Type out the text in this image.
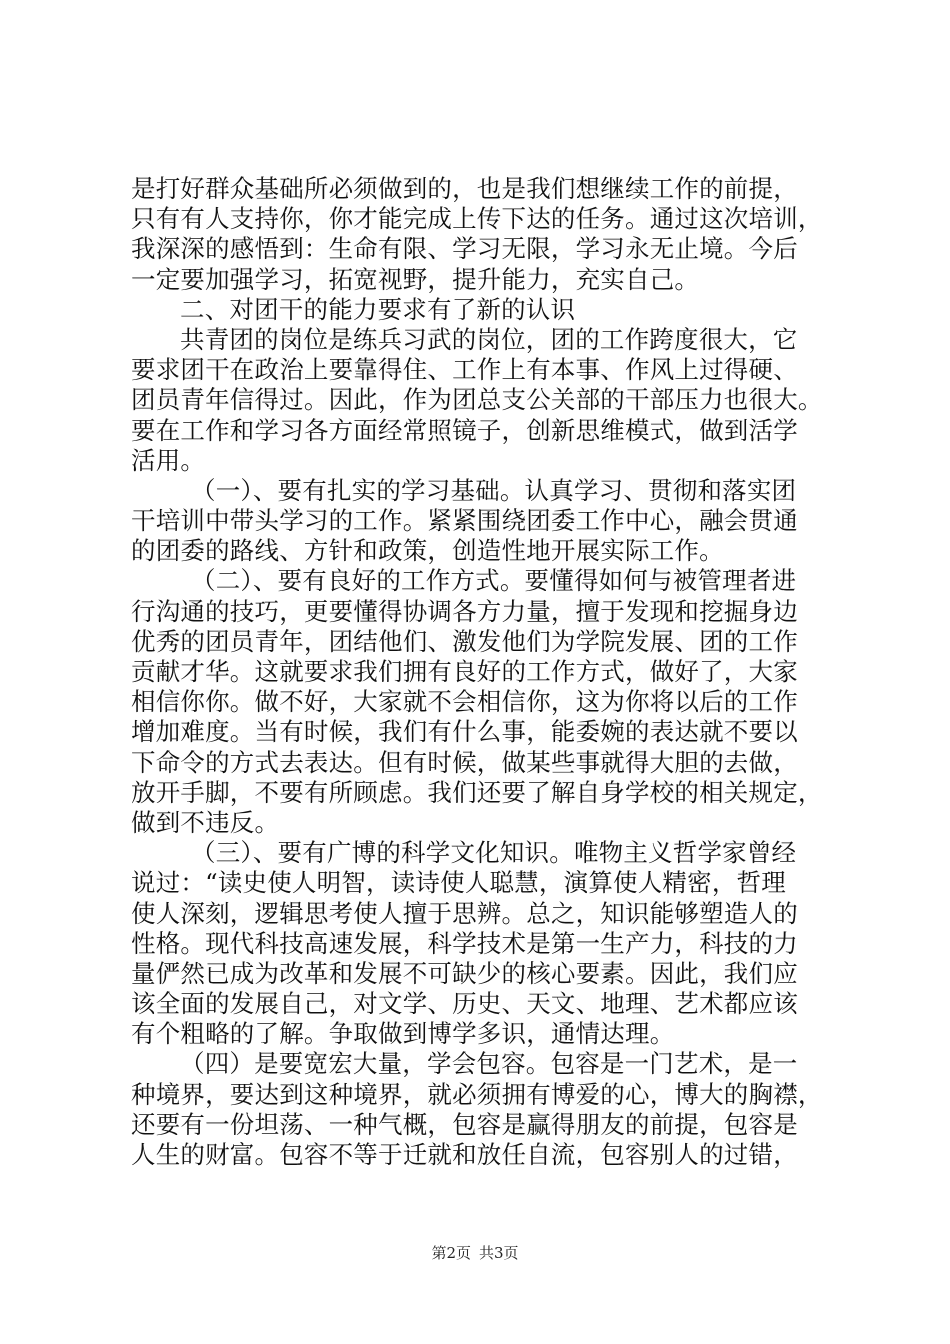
是打好群众基础所必须做到的，也是我们想继续工作的前提，
只有有人支持你，你才能完成上传下达的任务。通过这次培训，
我深深的感悟到：生命有限、学习无限，学习永无止境。今后
一定要加强学习，拓宽视野，提升能力，充实自己。
二、对团干的能力要求有了新的认识
共青团的岗位是练兵习武的岗位，团的工作跨度很大，它
要求团干在政治上要靠得住、工作上有本事、作风上过得硬、
团员青年信得过。因此，作为团总支公关部的干部压力也很大。
要在工作和学习各方面经常照镜子，创新思维模式，做到活学
活用。
（一）、要有扎实的学习基础。认真学习、贯彻和落实团
干培训中带头学习的工作。紧紧围绕团委工作中心，融会贯通
的团委的路线、方针和政策，创造性地开展实际工作。
（二）、要有良好的工作方式。要懂得如何与被管理者进
行沟通的技巧，更要懂得协调各方力量，擅于发现和挖掘身边
优秀的团员青年，团结他们、激发他们为学院发展、团的工作
贡献才华。这就要求我们拥有良好的工作方式，做好了，大家
相信你你。做不好，大家就不会相信你，这为你将以后的工作
增加难度。当有时候，我们有什么事，能委婉的表达就不要以
下命令的方式去表达。但有时候，做某些事就得大胆的去做，
放开手脚，不要有所顾虑。我们还要了解自身学校的相关规定，
做到不违反。
（三）、要有广博的科学文化知识。唯物主义哲学家曾经
说过：“读史使人明智，读诗使人聪慧，演算使人精密，哲理
使人深刻，逻辑思考使人擅于思辨。总之，知识能够塑造人的
性格。现代科技高速发展，科学技术是第一生产力，科技的力
量俨然已成为改革和发展不可缺少的核心要素。因此，我们应
该全面的发展自己，对文学、历史、天文、地理、艺术都应该
有个粗略的了解。争取做到博学多识，通情达理。
（四）是要宽宏大量，学会包容。包容是一门艺术，是一
种境界，要达到这种境界，就必须拥有博爱的心，博大的胸襟，
还要有一份坦荡、一种气概，包容是赢得朋友的前提，包容是
人生的财富。包容不等于迁就和放任自流，包容别人的过错，
第2页 共3页
